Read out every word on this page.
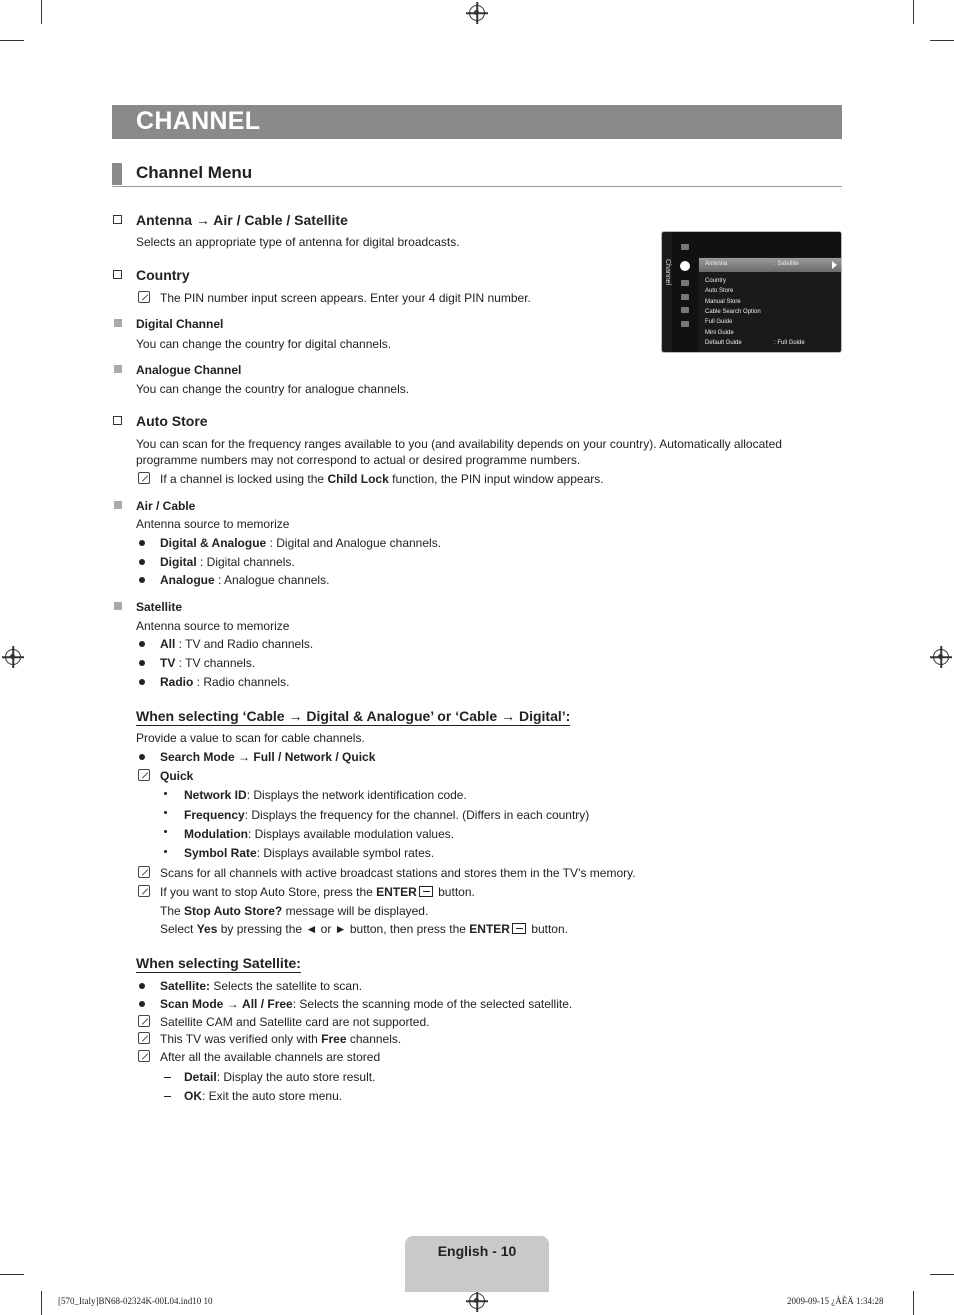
CHANNEL
Channel Menu
Antenna → Air / Cable / Satellite
Selects an appropriate type of antenna for digital broadcasts.
Country
The PIN number input screen appears. Enter your 4 digit PIN number.
Digital Channel
You can change the country for digital channels.
Analogue Channel
You can change the country for analogue channels.
Channel	Antenna	: Satellite
Country
Auto Store
Manual Store
Cable Search Option
Full Guide
Mini Guide
Default Guide	: Full Guide
Auto Store
You can scan for the frequency ranges available to you (and availability depends on your country). Automatically allocated
programme numbers may not correspond to actual or desired programme numbers.
If a channel is locked using the Child Lock function, the PIN input window appears.
Air / Cable
Antenna source to memorize
Digital & Analogue : Digital and Analogue channels.
Digital : Digital channels.
Analogue : Analogue channels.
Satellite
Antenna source to memorize
All : TV and Radio channels.
TV : TV channels.
Radio : Radio channels.
When selecting ‘Cable → Digital & Analogue’ or ‘Cable → Digital’:
Provide a value to scan for cable channels.
Search Mode → Full / Network / Quick
Quick
Network ID: Displays the network identification code.
Frequency: Displays the frequency for the channel. (Differs in each country)
Modulation: Displays available modulation values.
Symbol Rate: Displays available symbol rates.
Scans for all channels with active broadcast stations and stores them in the TV’s memory.
If you want to stop Auto Store, press the ENTER button.
The Stop Auto Store? message will be displayed.
Select Yes by pressing the ◄ or ► button, then press the ENTER button.
When selecting Satellite:
Satellite: Selects the satellite to scan.
Scan Mode → All / Free: Selects the scanning mode of the selected satellite.
Satellite CAM and Satellite card are not supported.
This TV was verified only with Free channels.
After all the available channels are stored
Detail: Display the auto store result.
OK: Exit the auto store menu.
English - 10
[570_Italy]BN68-02324K-00L04.ind10 10	2009-09-15 ¿ÀÈÄ 1:34:28
